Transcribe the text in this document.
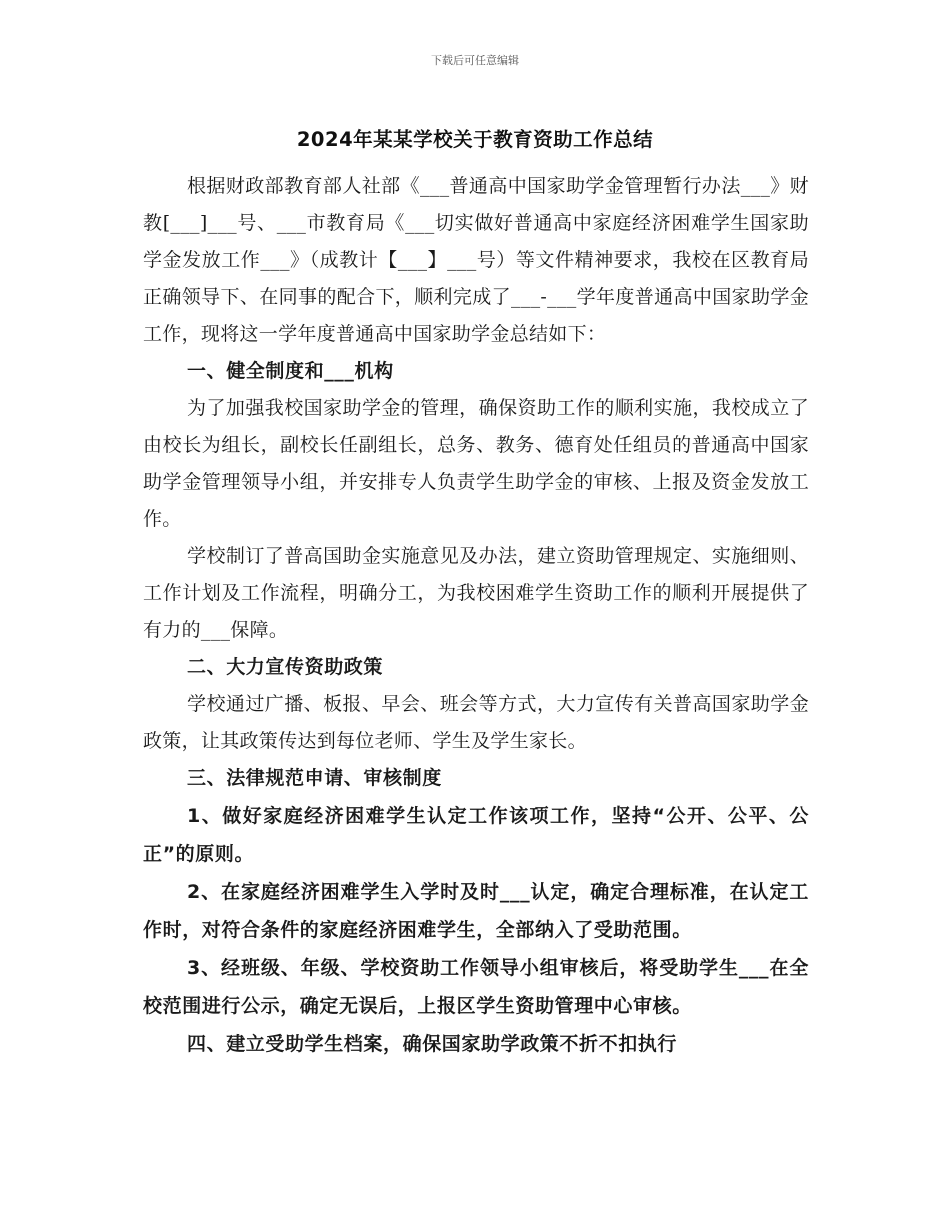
下载后可任意编辑
2024年某某学校关于教育资助工作总结

根据财政部教育部人社部《___普通高中国家助学金管理暂行办法___》财教[___]___号、___市教育局《___切实做好普通高中家庭经济困难学生国家助学金发放工作___》（成教计【___】___号）等文件精神要求，我校在区教育局正确领导下、在同事的配合下，顺利完成了___-___学年度普通高中国家助学金工作，现将这一学年度普通高中国家助学金总结如下：

一、健全制度和___机构

为了加强我校国家助学金的管理，确保资助工作的顺利实施，我校成立了由校长为组长，副校长任副组长，总务、教务、德育处任组员的普通高中国家助学金管理领导小组，并安排专人负责学生助学金的审核、上报及资金发放工作。

学校制订了普高国助金实施意见及办法，建立资助管理规定、实施细则、工作计划及工作流程，明确分工，为我校困难学生资助工作的顺利开展提供了有力的___保障。

二、大力宣传资助政策

学校通过广播、板报、早会、班会等方式，大力宣传有关普高国家助学金政策，让其政策传达到每位老师、学生及学生家长。

三、法律规范申请、审核制度

1、做好家庭经济困难学生认定工作该项工作，坚持“公开、公平、公正”的原则。

2、在家庭经济困难学生入学时及时___认定，确定合理标准，在认定工作时，对符合条件的家庭经济困难学生，全部纳入了受助范围。

3、经班级、年级、学校资助工作领导小组审核后，将受助学生___在全校范围进行公示，确定无误后，上报区学生资助管理中心审核。

四、建立受助学生档案，确保国家助学政策不折不扣执行
